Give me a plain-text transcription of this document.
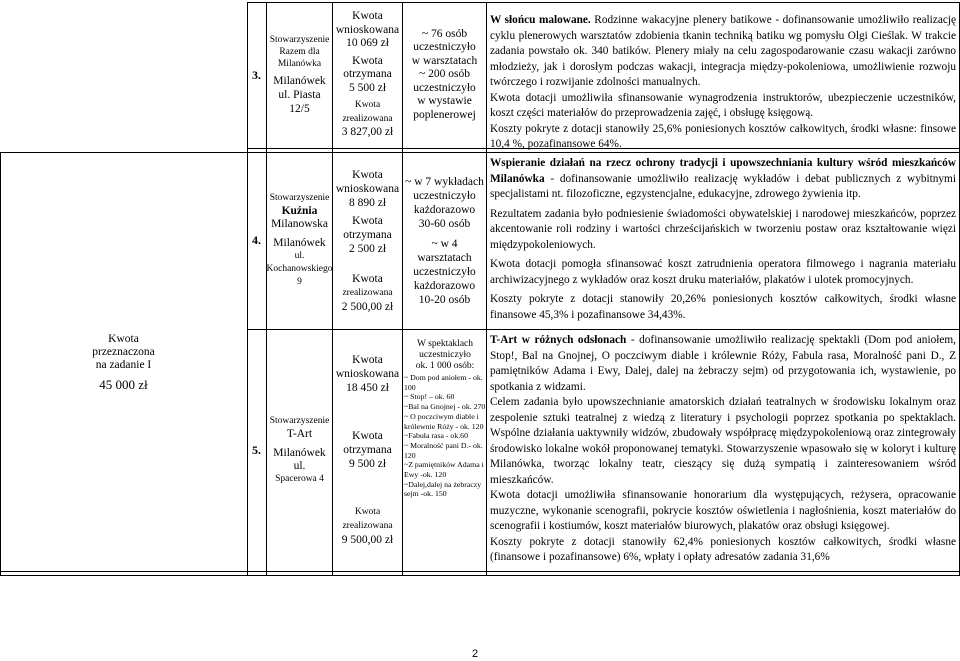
Kwota
przeznaczona
na zadanie I
45 000 zł
3.
Stowarzyszenie
Razem dla
Milanówka
Milanówek
ul. Piasta
12/5
Kwota
wnioskowana
10 069 zł
Kwota
otrzymana
5 500 zł
Kwota
zrealizowana
3 827,00 zł
~ 76 osób
uczestniczyło
w warsztatach
~ 200 osób
uczestniczyło
w wystawie
poplenerowej

W słońcu malowane. Rodzinne wakacyjne plenery batikowe - dofinansowanie umożliwiło realizację cyklu plenerowych warsztatów zdobienia tkanin techniką batiku wg pomysłu Olgi Cieślak. W trakcie zadania powstało ok. 340 batików. Plenery miały na celu zagospodarowanie czasu wakacji zarówno młodzieży, jak i dorosłym podczas wakacji, integracja między-pokoleniowa, umożliwienie rozwoju twórczego i rozwijanie zdolności manualnych.

Kwota dotacji umożliwiła sfinansowanie wynagrodzenia instruktorów, ubezpieczenie uczestników, koszt części materiałów do przeprowadzenia zajęć, i obsługę księgową.

Koszty pokryte z dotacji stanowiły 25,6% poniesionych kosztów całkowitych, środki własne: finsowe 10,4 %, pozafinansowe 64%.

4.
Stowarzyszenie
Kuźnia
Milanowska
Milanówek
ul.
Kochanowskiego
9
Kwota
wnioskowana
8 890 zł
Kwota
otrzymana
2 500 zł
Kwota
zrealizowana
2 500,00 zł
~ w 7 wykładach
uczestniczyło
każdorazowo
30-60 osób
~ w 4 warsztatach
uczestniczyło
każdorazowo
10-20 osób

Wspieranie działań na rzecz ochrony tradycji i upowszechniania kultury wśród mieszkańców Milanówka - dofinansowanie umożliwiło realizację wykładów i debat publicznych z wybitnymi specjalistami nt. filozoficzne, egzystencjalne, edukacyjne, zdrowego żywienia itp.

Rezultatem zadania było podniesienie świadomości obywatelskiej i narodowej mieszkańców, poprzez akcentowanie roli rodziny i wartości chrześcijańskich w tworzeniu postaw oraz kształtowanie więzi międzypokoleniowych.

Kwota dotacji pomogła sfinansować koszt zatrudnienia operatora filmowego i nagrania materiału archiwizacyjnego z wykładów oraz koszt druku materiałów, plakatów i ulotek promocyjnych.

Koszty pokryte z dotacji stanowiły 20,26% poniesionych kosztów całkowitych, środki własne finansowe 45,3% i pozafinansowe 34,43%.

5.
Stowarzyszenie
T-Art
Milanówek
ul.
Spacerowa 4
Kwota
wnioskowana
18 450 zł
Kwota
otrzymana
9 500 zł
Kwota
zrealizowana
9 500,00 zł
W spektaklach
uczestniczyło
ok. 1 000 osób:
~ Dom pod aniołem - ok. 100
~ Stop! – ok. 60
~Bal na Gnojnej - ok. 270
~ O poczciwym diable i królewnie Róży - ok. 120
~Fabuła rasa - ok.60
~ Moralność pani D.- ok. 120
~Z pamiętników Adama i Ewy -ok. 120
~Dalej,dalej na żebraczy sejm -ok. 150

T-Art w różnych odsłonach - dofinansowanie umożliwiło realizację spektakli (Dom pod aniołem, Stop!, Bal na Gnojnej, O poczciwym diable i królewnie Róży, Fabula rasa, Moralność pani D., Z pamiętników Adama i Ewy, Dalej, dalej na żebraczy sejm) od przygotowania ich, wystawienie, po spotkania z widzami.

Celem zadania było upowszechnianie amatorskich działań teatralnych w środowisku lokalnym oraz zespolenie sztuki teatralnej z wiedzą z literatury i psychologii poprzez spotkania po spektaklach. Wspólne działania uaktywniły widzów, zbudowały współpracę międzypokoleniową oraz zintegrowały środowisko lokalne wokół proponowanej tematyki. Stowarzyszenie wpasowało się w koloryt i kulturę Milanówka, tworząc lokalny teatr, cieszący się dużą sympatią i zainteresowaniem wśród mieszkańców.

Kwota dotacji umożliwiła sfinansowanie honorarium dla występujących, reżysera, opracowanie muzyczne, wykonanie scenografii, pokrycie kosztów oświetlenia i nagłośnienia, koszt materiałów do scenografii i kostiumów, koszt materiałów biurowych, plakatów oraz obsługi księgowej.

Koszty pokryte z dotacji stanowiły 62,4% poniesionych kosztów całkowitych, środki własne (finansowe i pozafinansowe) 6%, wpłaty i opłaty adresatów zadania 31,6%

2
